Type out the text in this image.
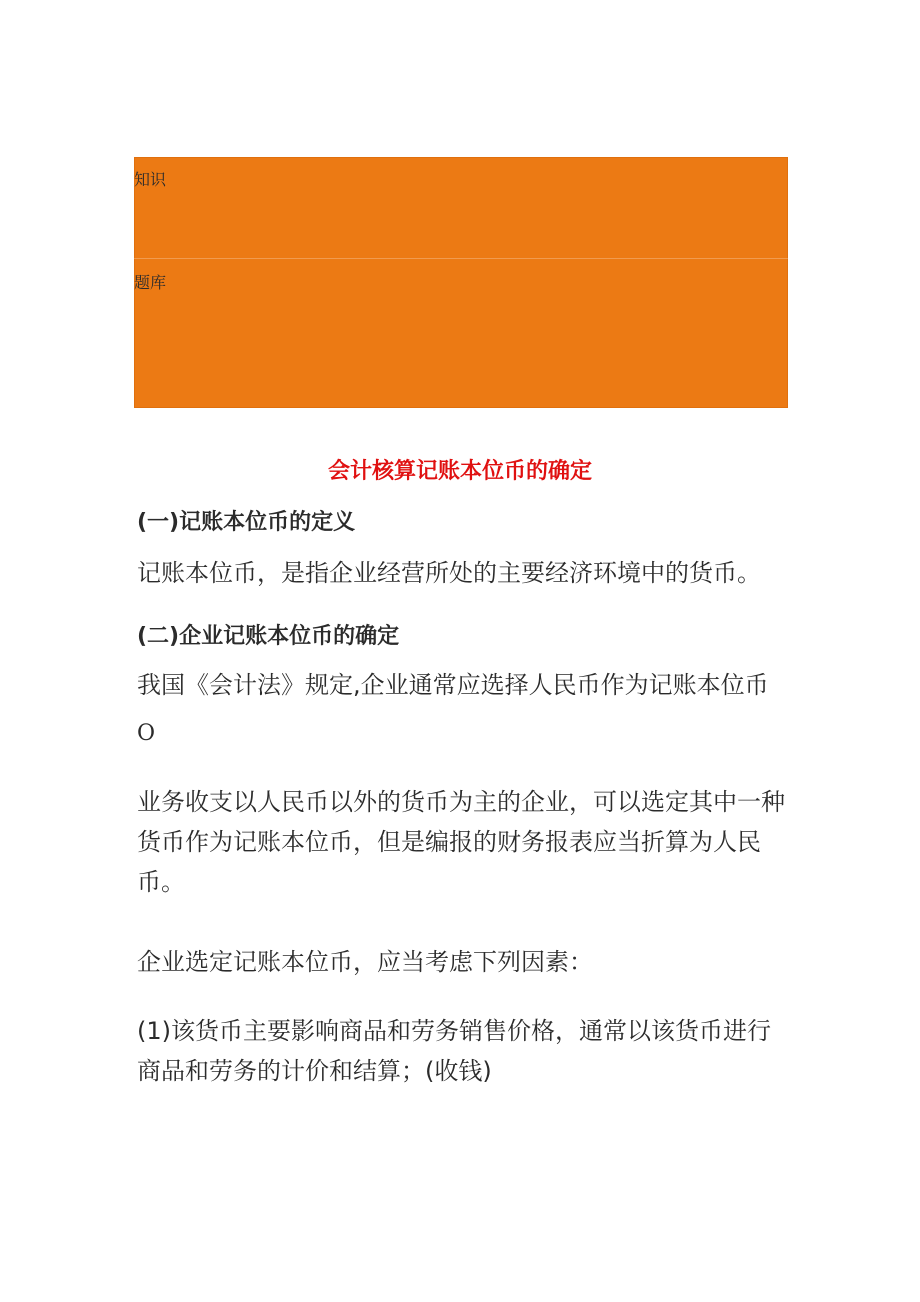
知识
题库
会计核算记账本位币的确定
(一)记账本位币的定义
记账本位币，是指企业经营所处的主要经济环境中的货币。
(二)企业记账本位币的确定
我国《会计法》规定,企业通常应选择人民币作为记账本位币
O
业务收支以人民币以外的货币为主的企业，可以选定其中一种货币作为记账本位币，但是编报的财务报表应当折算为人民币。
企业选定记账本位币，应当考虑下列因素：
(1)该货币主要影响商品和劳务销售价格，通常以该货币进行商品和劳务的计价和结算；(收钱)
